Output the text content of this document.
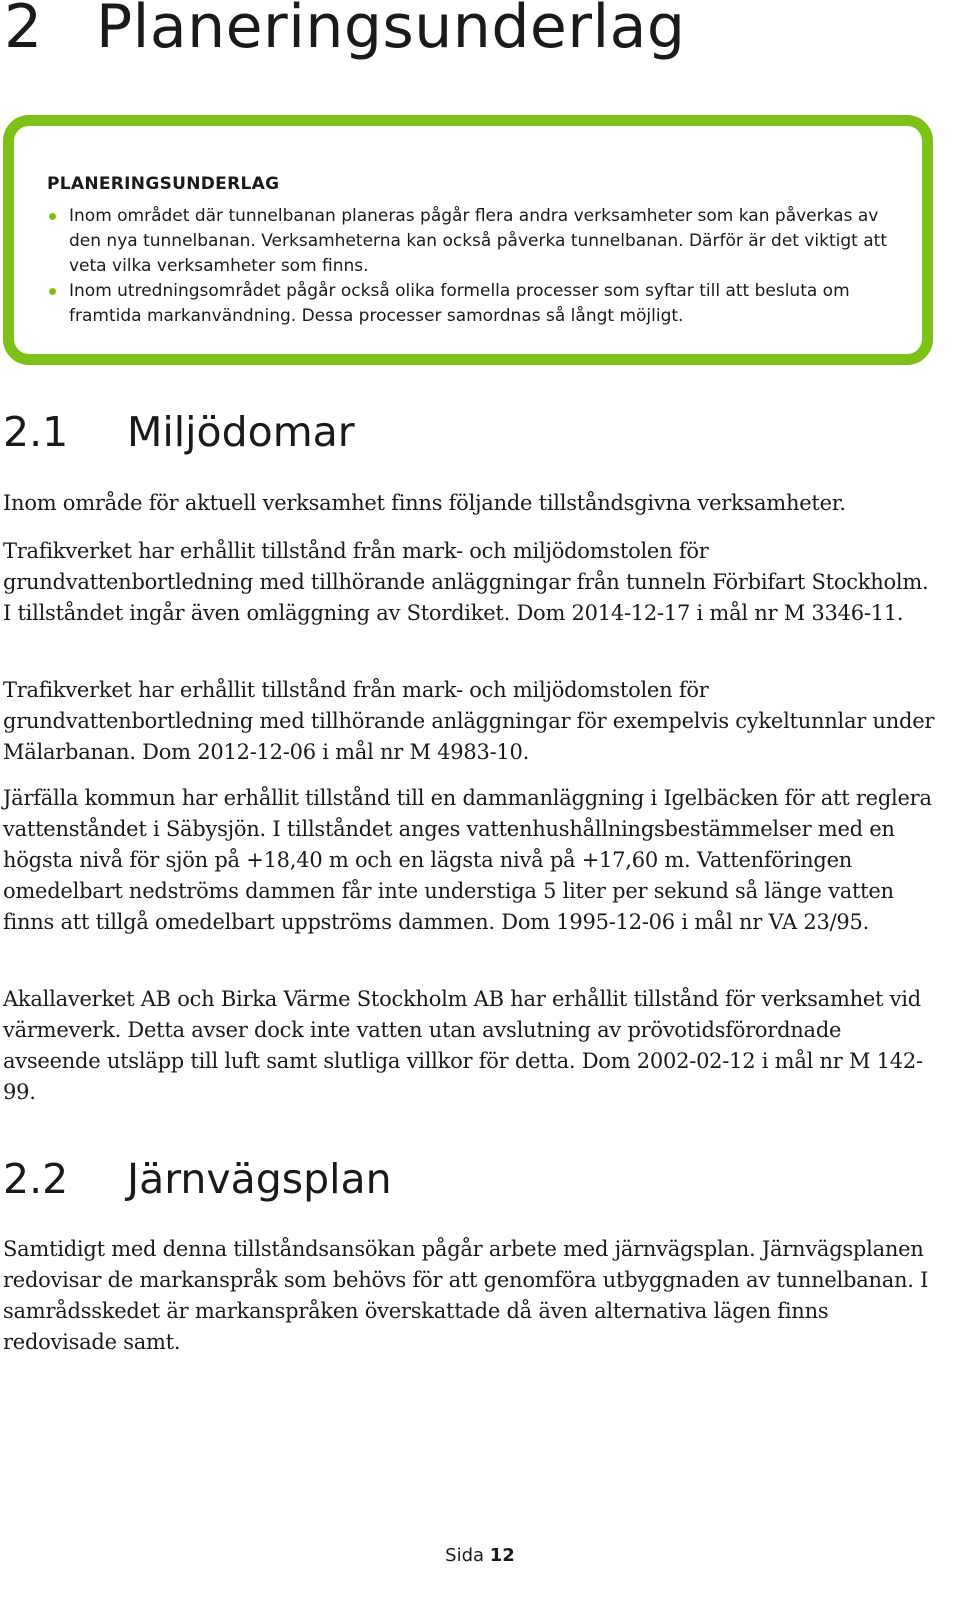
2 Planeringsunderlag

PLANERINGSUNDERLAG

Inom området där tunnelbanan planeras pågår flera andra verksamheter som kan påverkas av den nya tunnelbanan. Verksamheterna kan också påverka tunnelbanan. Därför är det viktigt att veta vilka verksamheter som finns.
Inom utredningsområdet pågår också olika formella processer som syftar till att besluta om framtida markanvändning. Dessa processer samordnas så långt möjligt.
2.1 Miljödomar

Inom område för aktuell verksamhet finns följande tillståndsgivna verksamheter.

Trafikverket har erhållit tillstånd från mark- och miljödomstolen för grundvattenbortledning med tillhörande anläggningar från tunneln Förbifart Stockholm. I tillståndet ingår även omläggning av Stordiket. Dom 2014-12-17 i mål nr M 3346-11.

Trafikverket har erhållit tillstånd från mark- och miljödomstolen för grundvattenbortledning med tillhörande anläggningar för exempelvis cykeltunnlar under Mälarbanan. Dom 2012-12-06 i mål nr M 4983-10.

Järfälla kommun har erhållit tillstånd till en dammanläggning i Igelbäcken för att reglera vattenståndet i Säbysjön. I tillståndet anges vattenhushållningsbestämmelser med en högsta nivå för sjön på +18,40 m och en lägsta nivå på +17,60 m. Vattenföringen omedelbart nedströms dammen får inte understiga 5 liter per sekund så länge vatten finns att tillgå omedelbart uppströms dammen. Dom 1995-12-06 i mål nr VA 23/95.

Akallaverket AB och Birka Värme Stockholm AB har erhållit tillstånd för verksamhet vid värmeverk. Detta avser dock inte vatten utan avslutning av prövotidsförordnade avseende utsläpp till luft samt slutliga villkor för detta. Dom 2002-02-12 i mål nr M 142-99.

2.2 Järnvägsplan

Samtidigt med denna tillståndsansökan pågår arbete med järnvägsplan. Järnvägsplanen redovisar de markanspråk som behövs för att genomföra utbyggnaden av tunnelbanan. I samrådsskedet är markanspråken överskattade då även alternativa lägen finns redovisade samt.

Sida 12
